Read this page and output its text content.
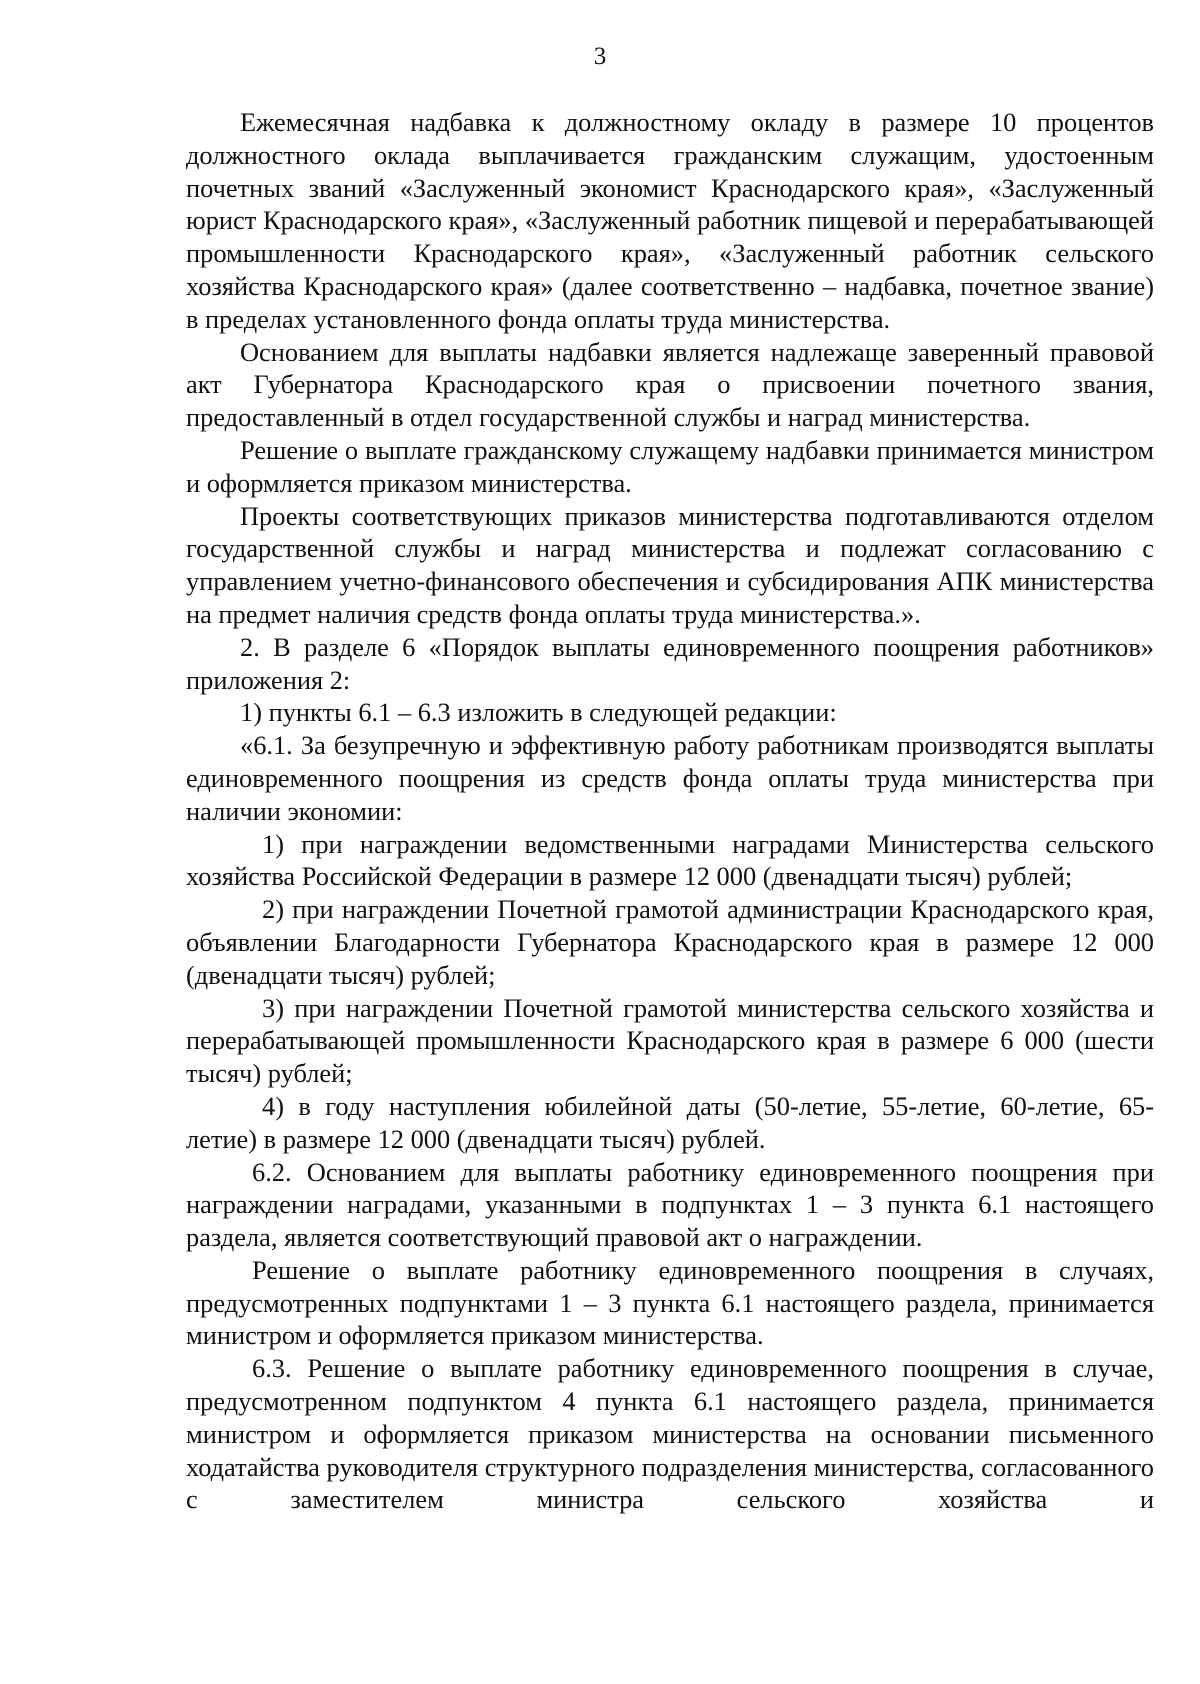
3

Ежемесячная надбавка к должностному окладу в размере 10 процентов должностного оклада выплачивается гражданским служащим, удостоенным почетных званий «Заслуженный экономист Краснодарского края», «Заслуженный юрист Краснодарского края», «Заслуженный работник пищевой и перерабатывающей промышленности Краснодарского края», «Заслуженный работник сельского хозяйства Краснодарского края» (далее соответственно – надбавка, почетное звание) в пределах установленного фонда оплаты труда министерства.

Основанием для выплаты надбавки является надлежаще заверенный правовой акт Губернатора Краснодарского края о присвоении почетного звания, предоставленный в отдел государственной службы и наград министерства.

Решение о выплате гражданскому служащему надбавки принимается министром и оформляется приказом министерства.

Проекты соответствующих приказов министерства подготавливаются отделом государственной службы и наград министерства и подлежат согласованию с управлением учетно-финансового обеспечения и субсидирования АПК министерства на предмет наличия средств фонда оплаты труда министерства.».

2. В разделе 6 «Порядок выплаты единовременного поощрения работников» приложения 2:

1) пункты 6.1 – 6.3 изложить в следующей редакции:

«6.1. За безупречную и эффективную работу работникам производятся выплаты единовременного поощрения из средств фонда оплаты труда министерства при наличии экономии:

1) при награждении ведомственными наградами Министерства сельского хозяйства Российской Федерации в размере 12 000 (двенадцати тысяч) рублей;

2) при награждении Почетной грамотой администрации Краснодарского края, объявлении Благодарности Губернатора Краснодарского края в размере 12 000 (двенадцати тысяч) рублей;

3) при награждении Почетной грамотой министерства сельского хозяйства и перерабатывающей промышленности Краснодарского края в размере 6 000 (шести тысяч) рублей;

4) в году наступления юбилейной даты (50-летие, 55-летие, 60-летие, 65-летие) в размере 12 000 (двенадцати тысяч) рублей.

6.2. Основанием для выплаты работнику единовременного поощрения при награждении наградами, указанными в подпунктах 1 – 3 пункта 6.1 настоящего раздела, является соответствующий правовой акт о награждении.

Решение о выплате работнику единовременного поощрения в случаях, предусмотренных подпунктами 1 – 3 пункта 6.1 настоящего раздела, принимается министром и оформляется приказом министерства.

6.3. Решение о выплате работнику единовременного поощрения в случае, предусмотренном подпунктом 4 пункта 6.1 настоящего раздела, принимается министром и оформляется приказом министерства на основании письменного ходатайства руководителя структурного подразделения министерства, согласованного с заместителем министра сельского хозяйства и
